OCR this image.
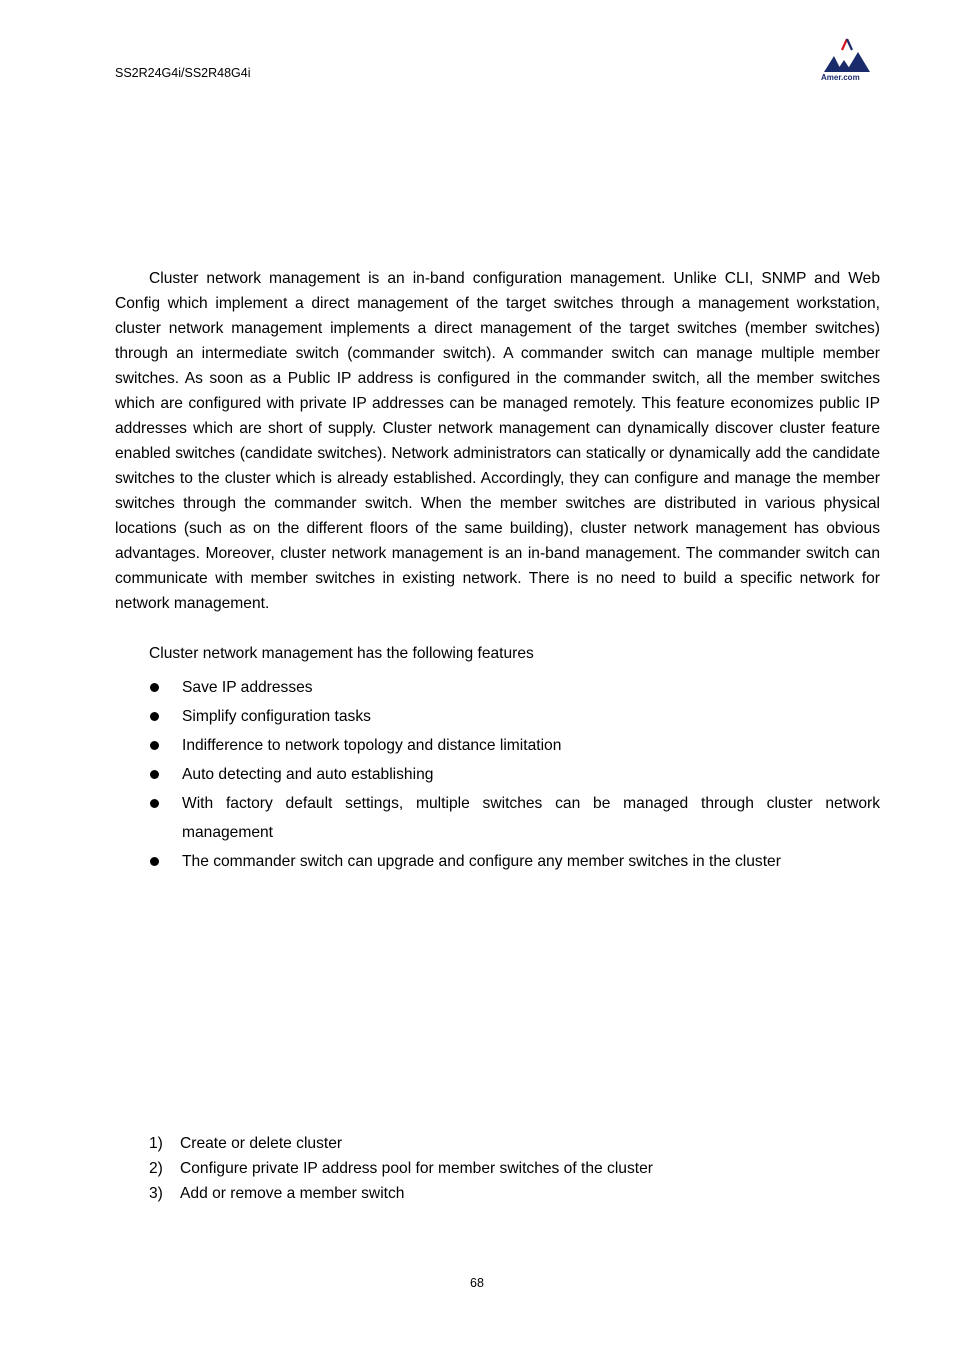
SS2R24G4i/SS2R48G4i	Amer.com

Cluster network management is an in-band configuration management. Unlike CLI, SNMP and Web Config which implement a direct management of the target switches through a management workstation, cluster network management implements a direct management of the target switches (member switches) through an intermediate switch (commander switch). A commander switch can manage multiple member switches. As soon as a Public IP address is configured in the commander switch, all the member switches which are configured with private IP addresses can be managed remotely. This feature economizes public IP addresses which are short of supply. Cluster network management can dynamically discover cluster feature enabled switches (candidate switches). Network administrators can statically or dynamically add the candidate switches to the cluster which is already established. Accordingly, they can configure and manage the member switches through the commander switch. When the member switches are distributed in various physical locations (such as on the different floors of the same building), cluster network management has obvious advantages. Moreover, cluster network management is an in-band management. The commander switch can communicate with member switches in existing network. There is no need to build a specific network for network management.

Cluster network management has the following features

Save IP addresses
Simplify configuration tasks
Indifference to network topology and distance limitation
Auto detecting and auto establishing
With factory default settings, multiple switches can be managed through cluster network management
The commander switch can upgrade and configure any member switches in the cluster
1)	Create or delete cluster
2)	Configure private IP address pool for member switches of the cluster
3)	Add or remove a member switch
68
